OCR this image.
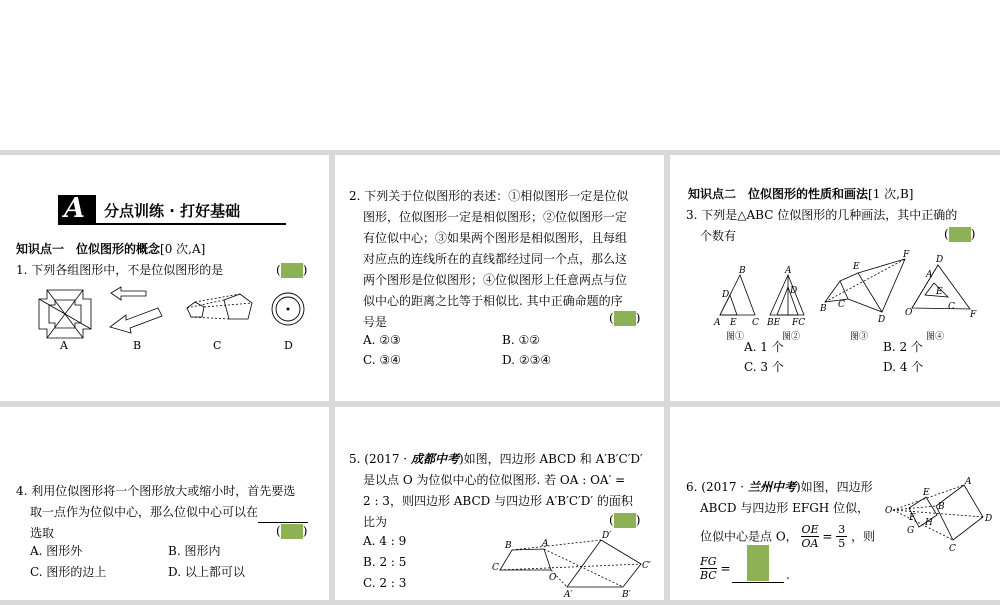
A 分点训练 · 打好基础
知识点一　位似图形的概念[0 次,A]
1. 下列各组图形中，不是位似图形的是	( )
A	B	C	D
2. 下列关于位似图形的表述：①相似图形一定是位似
图形，位似图形一定是相似图形；②位似图形一定
有位似中心；③如果两个图形是相似图形，且每组
对应点的连线所在的直线都经过同一个点，那么这
两个图形是位似图形；④位似图形上任意两点与位
似中心的距离之比等于相似比. 其中正确命题的序
号是	( )
A. ②③	B. ①②
C. ③④	D. ②③④
知识点二　位似图形的性质和画法[1 次,B]
3. 下列是△ABC 位似图形的几种画法，其中正确的
个数有	( )
A E C
B
D
图①
BE FC
A
D
图②
B C
E
F
D
图③
O
D
F
A
E
C
图④
A. 1 个	B. 2 个
C. 3 个	D. 4 个
4. 利用位似图形将一个图形放大或缩小时，首先要选
取一点作为位似中心，那么位似中心可以在
选取	( )
A. 图形外	B. 图形内
C. 图形的边上	D. 以上都可以
5. (2017 · 成都中考)如图，四边形 ABCD 和 A′B′C′D′
是以点 O 为位似中心的位似图形. 若 OA : OA′ =
2 : 3，则四边形 ABCD 与四边形 A′B′C′D′ 的面积
比为	( )
A. 4 : 9
B. 2 : 5
C. 2 : 3
B	A
C
O
D′
C′
B′
A′
6. (2017 · 兰州中考)如图，四边形
ABCD 与四边形 EFGH 位似，
位似中心是点 O， $\frac{OE}{OA} = \frac{3}{5}$ ，则
$\frac{FG}{BC}$ =	.
O
A
D
C
B
E
F
G
H
